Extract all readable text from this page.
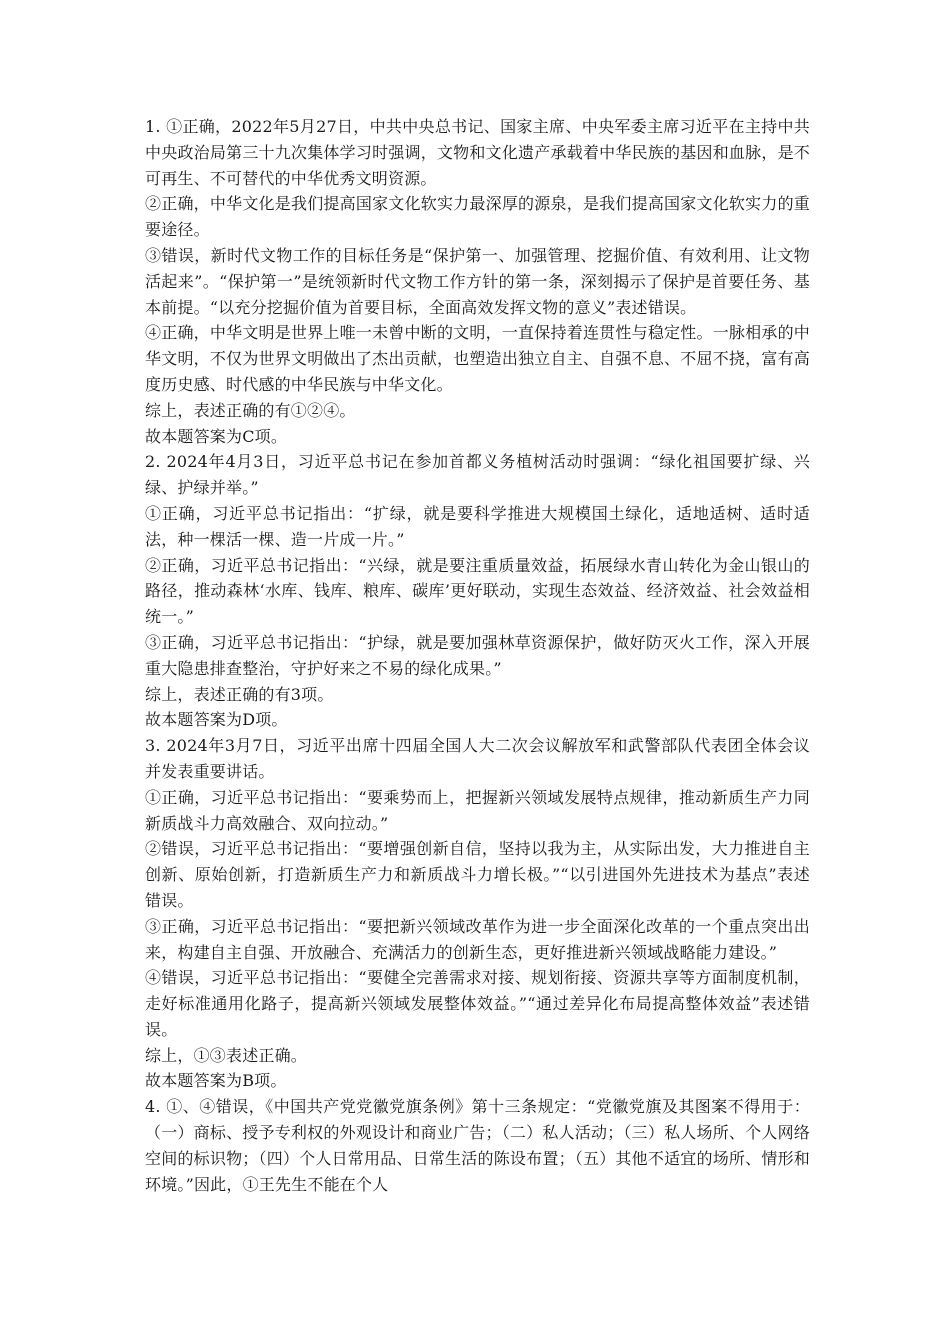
1. ①正确，2022年5月27日，中共中央总书记、国家主席、中央军委主席习近平在主持中共中央政治局第三十九次集体学习时强调，文物和文化遗产承载着中华民族的基因和血脉，是不可再生、不可替代的中华优秀文明资源。

②正确，中华文化是我们提高国家文化软实力最深厚的源泉，是我们提高国家文化软实力的重要途径。

③错误，新时代文物工作的目标任务是“保护第一、加强管理、挖掘价值、有效利用、让文物活起来”。“保护第一”是统领新时代文物工作方针的第一条，深刻揭示了保护是首要任务、基本前提。“以充分挖掘价值为首要目标，全面高效发挥文物的意义”表述错误。

④正确，中华文明是世界上唯一未曾中断的文明，一直保持着连贯性与稳定性。一脉相承的中华文明，不仅为世界文明做出了杰出贡献，也塑造出独立自主、自强不息、不屈不挠，富有高度历史感、时代感的中华民族与中华文化。

综上，表述正确的有①②④。

故本题答案为C项。

2. 2024年4月3日，习近平总书记在参加首都义务植树活动时强调：“绿化祖国要扩绿、兴绿、护绿并举。”

①正确，习近平总书记指出：“扩绿，就是要科学推进大规模国土绿化，适地适树、适时适法，种一棵活一棵、造一片成一片。”

②正确，习近平总书记指出：“兴绿，就是要注重质量效益，拓展绿水青山转化为金山银山的路径，推动森林‘水库、钱库、粮库、碳库’更好联动，实现生态效益、经济效益、社会效益相统一。”

③正确，习近平总书记指出：“护绿，就是要加强林草资源保护，做好防灭火工作，深入开展重大隐患排查整治，守护好来之不易的绿化成果。”

综上，表述正确的有3项。

故本题答案为D项。

3. 2024年3月7日，习近平出席十四届全国人大二次会议解放军和武警部队代表团全体会议并发表重要讲话。

①正确，习近平总书记指出：“要乘势而上，把握新兴领域发展特点规律，推动新质生产力同新质战斗力高效融合、双向拉动。”

②错误，习近平总书记指出：“要增强创新自信，坚持以我为主，从实际出发，大力推进自主创新、原始创新，打造新质生产力和新质战斗力增长极。”“以引进国外先进技术为基点”表述错误。

③正确，习近平总书记指出：“要把新兴领域改革作为进一步全面深化改革的一个重点突出出来，构建自主自强、开放融合、充满活力的创新生态，更好推进新兴领域战略能力建设。”

④错误，习近平总书记指出：“要健全完善需求对接、规划衔接、资源共享等方面制度机制，走好标准通用化路子，提高新兴领域发展整体效益。”“通过差异化布局提高整体效益”表述错误。

综上，①③表述正确。

故本题答案为B项。

4. ①、④错误，《中国共产党党徽党旗条例》第十三条规定：“党徽党旗及其图案不得用于：（一）商标、授予专利权的外观设计和商业广告；（二）私人活动；（三）私人场所、个人网络空间的标识物；（四）个人日常用品、日常生活的陈设布置；（五）其他不适宜的场所、情形和环境。”因此，①王先生不能在个人
